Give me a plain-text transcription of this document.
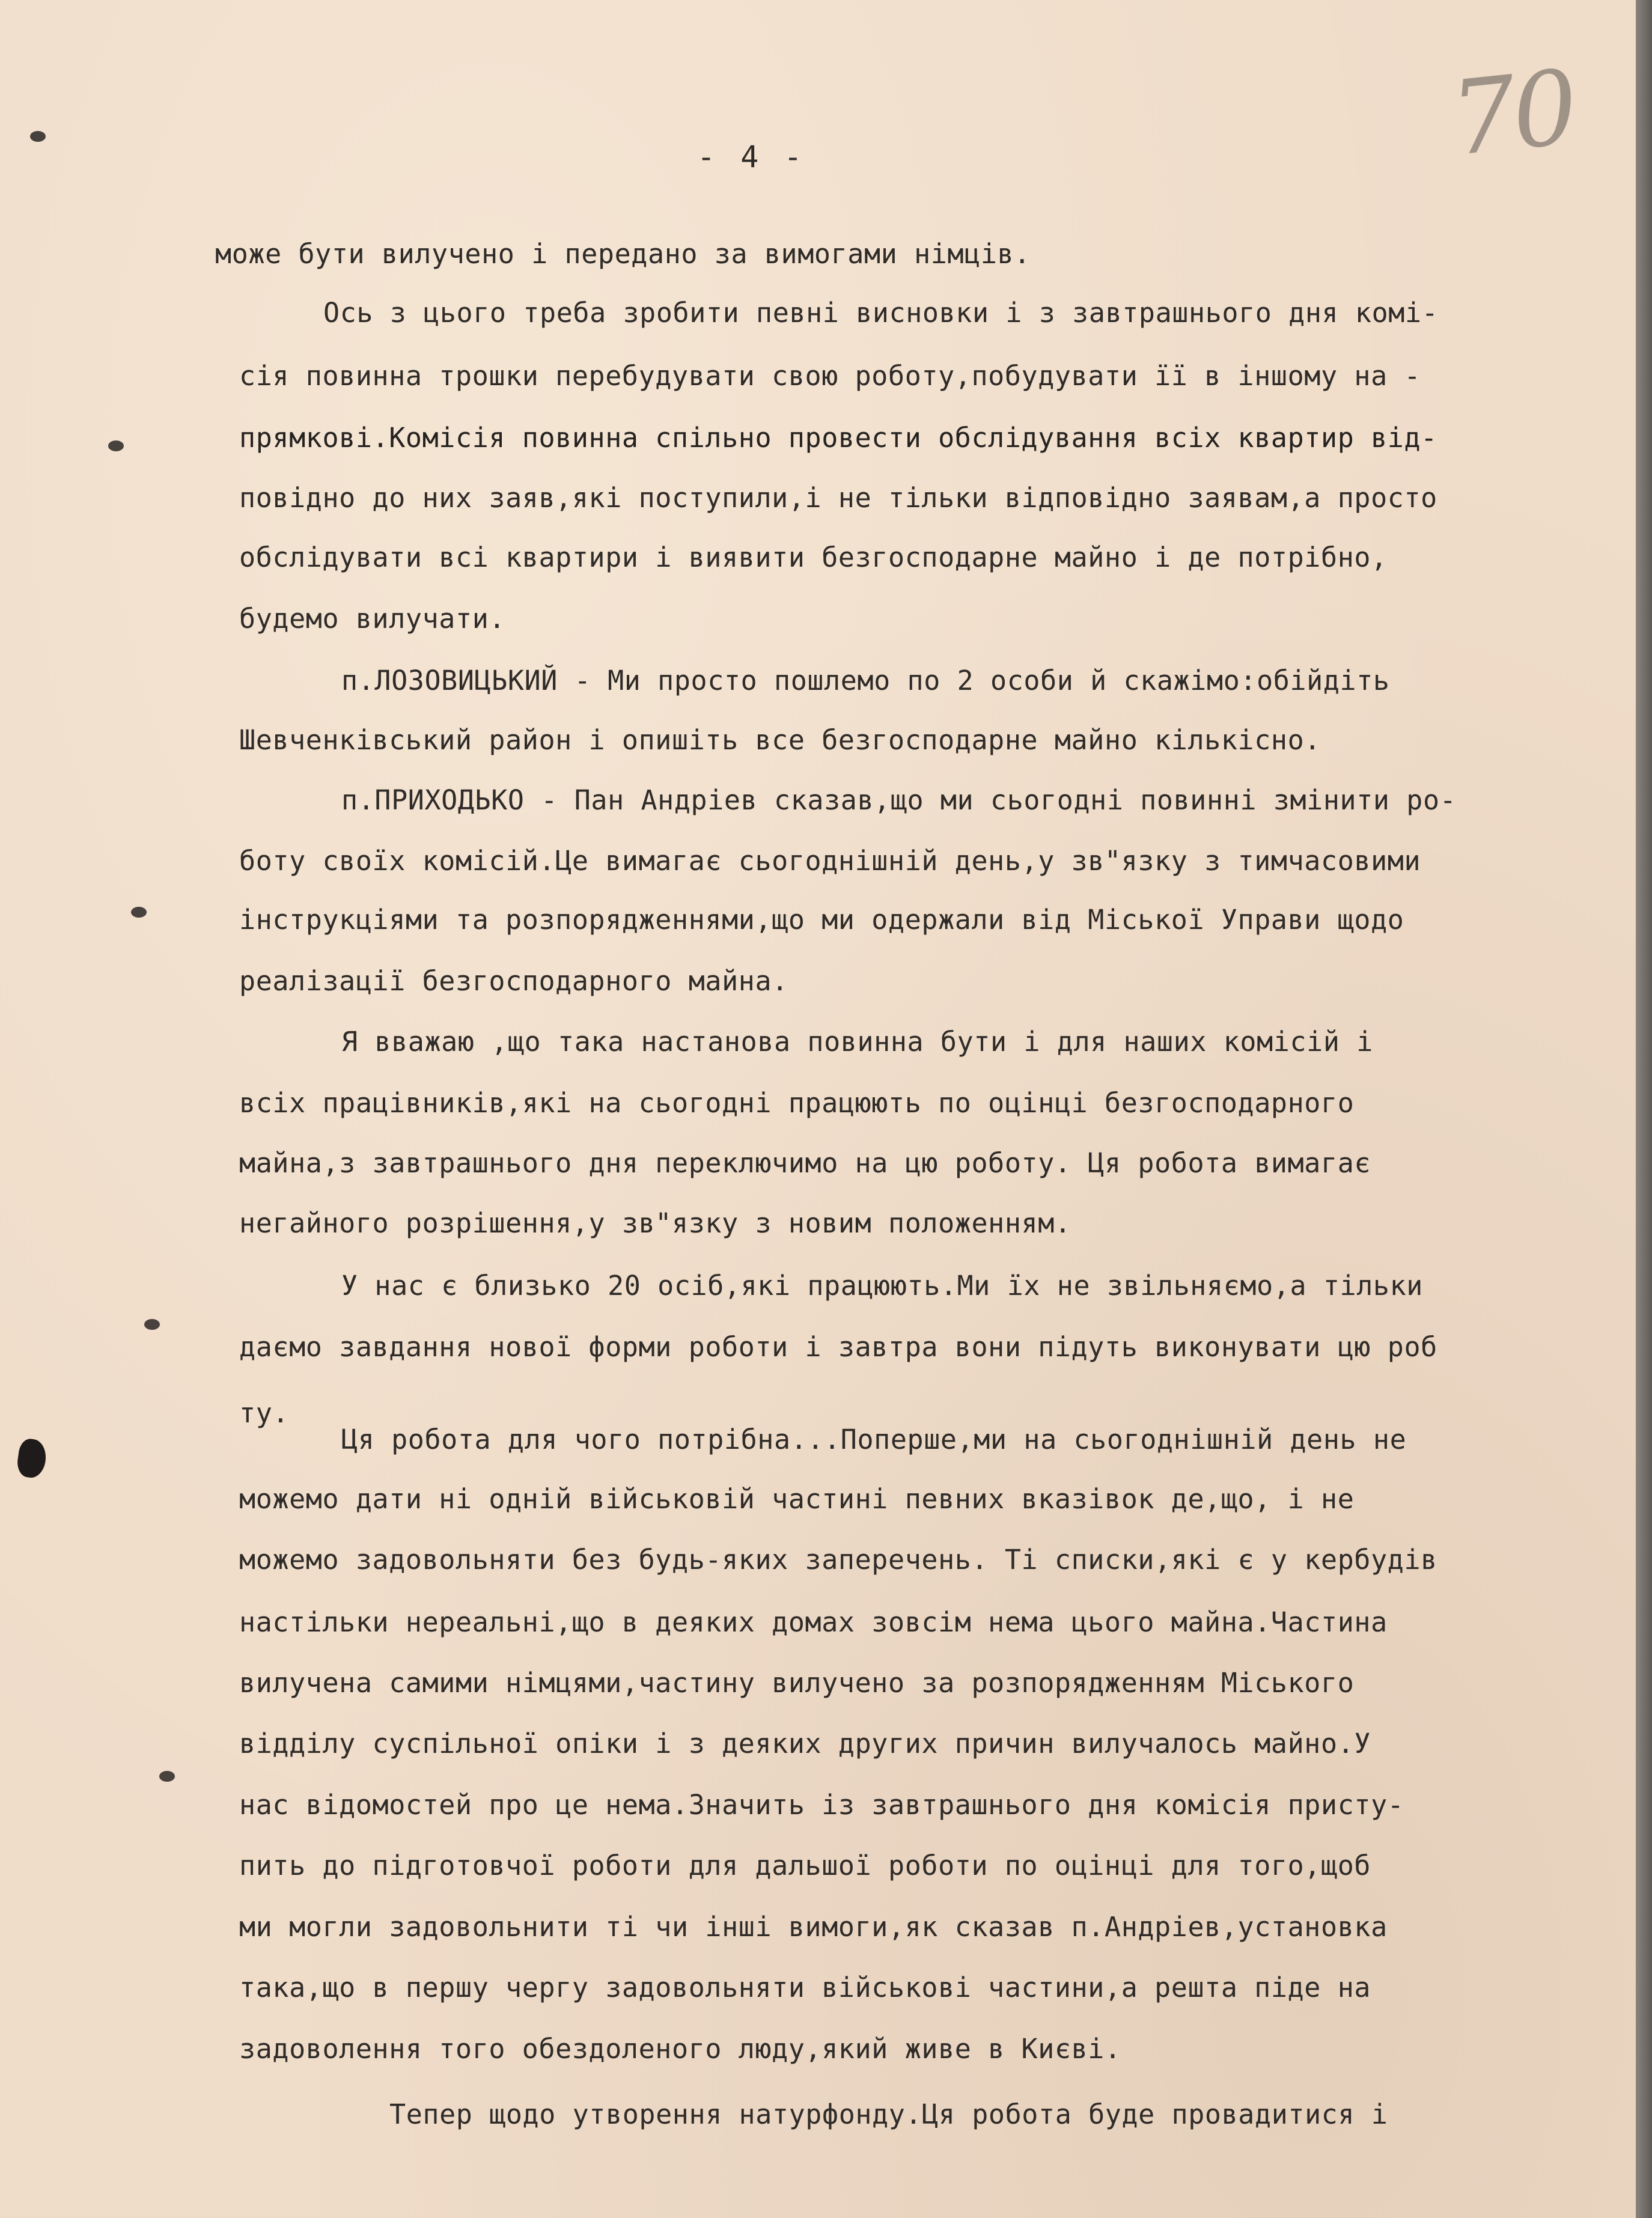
70
- 4 -
може бути вилучено і передано за вимогами німців.
Ось з цього треба зробити певні висновки і з завтрашнього дня комі-
сія повинна трошки перебудувати свою роботу,побудувати її в іншому на -
прямкові.Комісія повинна спільно провести обслідування всіх квартир від-
повідно до них заяв,які поступили,і не тільки відповідно заявам,а просто
обслідувати всі квартири і виявити безгосподарне майно і де потрібно,
будемо вилучати.
п.ЛОЗОВИЦЬКИЙ - Ми просто пошлемо по 2 особи й скажімо:обійдіть
Шевченківський район і опишіть все безгосподарне майно кількісно.
п.ПРИХОДЬКО - Пан Андріев сказав,що ми сьогодні повинні змінити ро-
боту своїх комісій.Це вимагає сьогоднішній день,у зв"язку з тимчасовими
інструкціями та розпорядженнями,що ми одержали від Міської Управи щодо
реалізації безгосподарного майна.
Я вважаю ,що така настанова повинна бути і для наших комісій і
всіх працівників,які на сьогодні працюють по оцінці безгосподарного
майна,з завтрашнього дня переключимо на цю роботу. Ця робота вимагає
негайного розрішення,у зв"язку з новим положенням.
У нас є близько 20 осіб,які працюють.Ми їх не звільняємо,а тільки
даємо завдання нової форми роботи і завтра вони підуть виконувати цю роб
ту.
Ця робота для чого потрібна...Поперше,ми на сьогоднішній день не
можемо дати ні одній військовій частині певних вказівок де,що, і не
можемо задовольняти без будь-яких заперечень. Ті списки,які є у кербудів
настільки нереальні,що в деяких домах зовсім нема цього майна.Частина
вилучена самими німцями,частину вилучено за розпорядженням Міського
відділу суспільної опіки і з деяких других причин вилучалось майно.У
нас відомостей про це нема.Значить із завтрашнього дня комісія присту-
пить до підготовчої роботи для дальшої роботи по оцінці для того,щоб
ми могли задовольнити ті чи інші вимоги,як сказав п.Андріев,установка
така,що в першу чергу задовольняти військові частини,а решта піде на
задоволення того обездоленого люду,який живе в Києві.
Тепер щодо утворення натурфонду.Ця робота буде провадитися і
